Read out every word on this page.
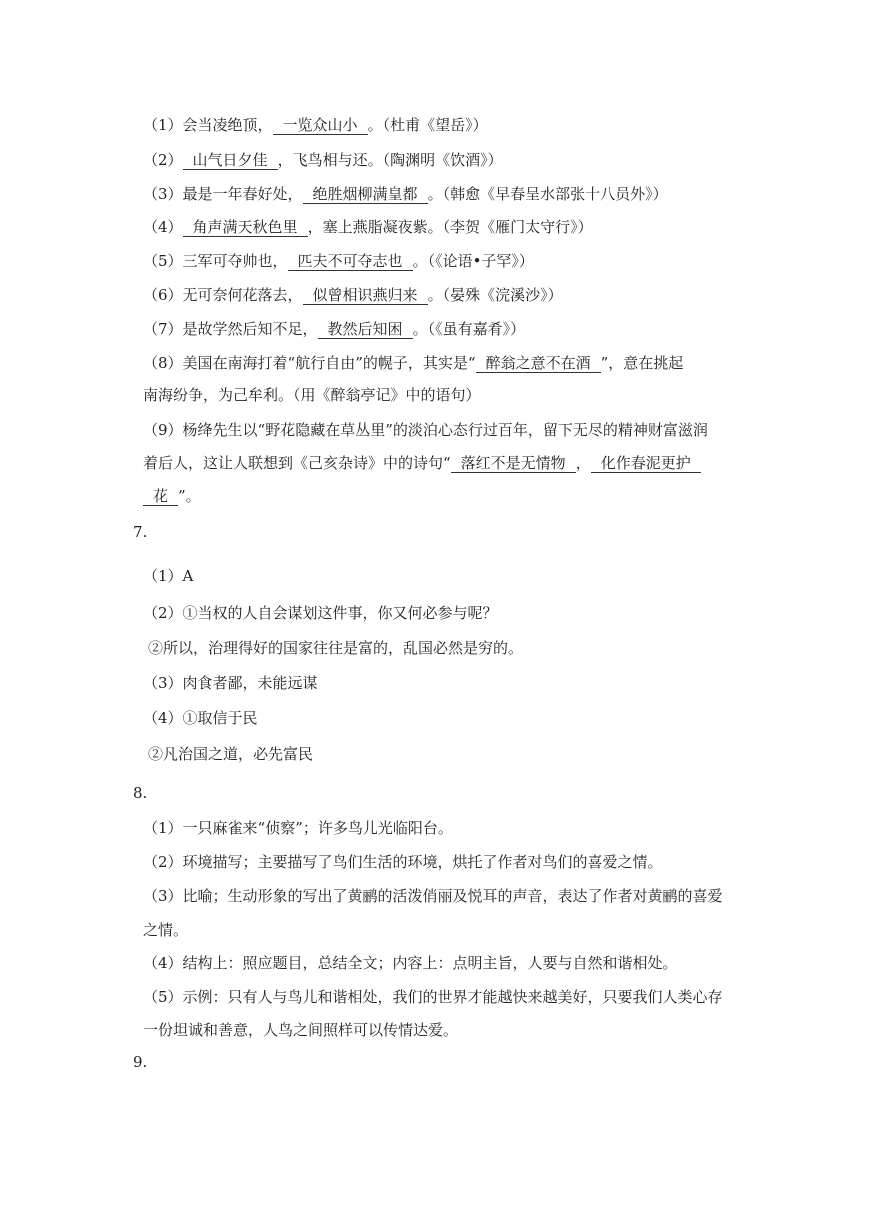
（1）会当凌绝顶， 一览众山小 。（杜甫《望岳》）
（2） 山气日夕佳 ，飞鸟相与还。（陶渊明《饮酒》）
（3）最是一年春好处， 绝胜烟柳满皇都 。（韩愈《早春呈水部张十八员外》）
（4） 角声满天秋色里 ，塞上燕脂凝夜紫。（李贺《雁门太守行》）
（5）三军可夺帅也， 匹夫不可夺志也 。（《论语•子罕》）
（6）无可奈何花落去， 似曾相识燕归来 。（晏殊《浣溪沙》）
（7）是故学然后知不足， 教然后知困 。（《虽有嘉肴》）
（8）美国在南海打着“航行自由”的幌子，其实是“ 醉翁之意不在酒 ”，意在挑起
南海纷争，为己牟利。（用《醉翁亭记》中的语句）
（9）杨绛先生以“野花隐藏在草丛里”的淡泊心态行过百年，留下无尽的精神财富滋润
着后人，这让人联想到《己亥杂诗》中的诗句“ 落红不是无情物 ， 化作春泥更护
花 ”。
7.
（1）A
（2）①当权的人自会谋划这件事，你又何必参与呢？
②所以，治理得好的国家往往是富的，乱国必然是穷的。
（3）肉食者鄙，未能远谋
（4）①取信于民
②凡治国之道，必先富民
8.
（1）一只麻雀来“侦察”；许多鸟儿光临阳台。
（2）环境描写；主要描写了鸟们生活的环境，烘托了作者对鸟们的喜爱之情。
（3）比喻；生动形象的写出了黄鹂的活泼俏丽及悦耳的声音，表达了作者对黄鹂的喜爱
之情。
（4）结构上：照应题目，总结全文；内容上：点明主旨，人要与自然和谐相处。
（5）示例：只有人与鸟儿和谐相处，我们的世界才能越快来越美好，只要我们人类心存
一份坦诚和善意，人鸟之间照样可以传情达爱。
9.
